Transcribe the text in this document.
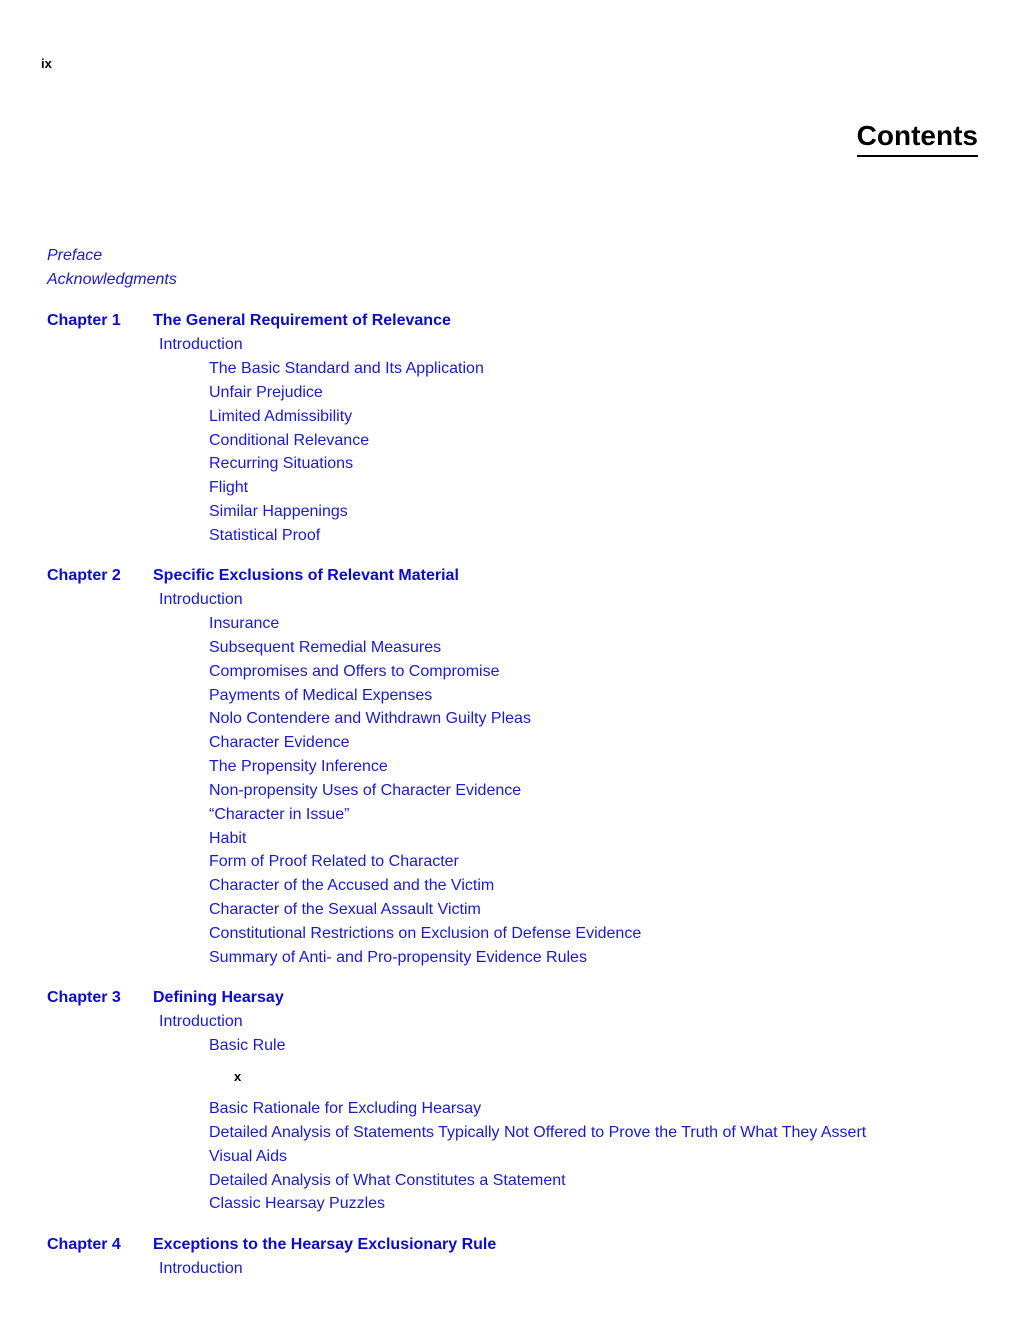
ix
Contents
Preface
Acknowledgments
Chapter 1	The General Requirement of Relevance
Introduction
The Basic Standard and Its Application
Unfair Prejudice
Limited Admissibility
Conditional Relevance
Recurring Situations
Flight
Similar Happenings
Statistical Proof
Chapter 2	Specific Exclusions of Relevant Material
Introduction
Insurance
Subsequent Remedial Measures
Compromises and Offers to Compromise
Payments of Medical Expenses
Nolo Contendere and Withdrawn Guilty Pleas
Character Evidence
The Propensity Inference
Non-propensity Uses of Character Evidence
“Character in Issue”
Habit
Form of Proof Related to Character
Character of the Accused and the Victim
Character of the Sexual Assault Victim
Constitutional Restrictions on Exclusion of Defense Evidence
Summary of Anti- and Pro-propensity Evidence Rules
Chapter 3	Defining Hearsay
Introduction
Basic Rule
x
Basic Rationale for Excluding Hearsay
Detailed Analysis of Statements Typically Not Offered to Prove the Truth of What They Assert
Visual Aids
Detailed Analysis of What Constitutes a Statement
Classic Hearsay Puzzles
Chapter 4	Exceptions to the Hearsay Exclusionary Rule
Introduction
